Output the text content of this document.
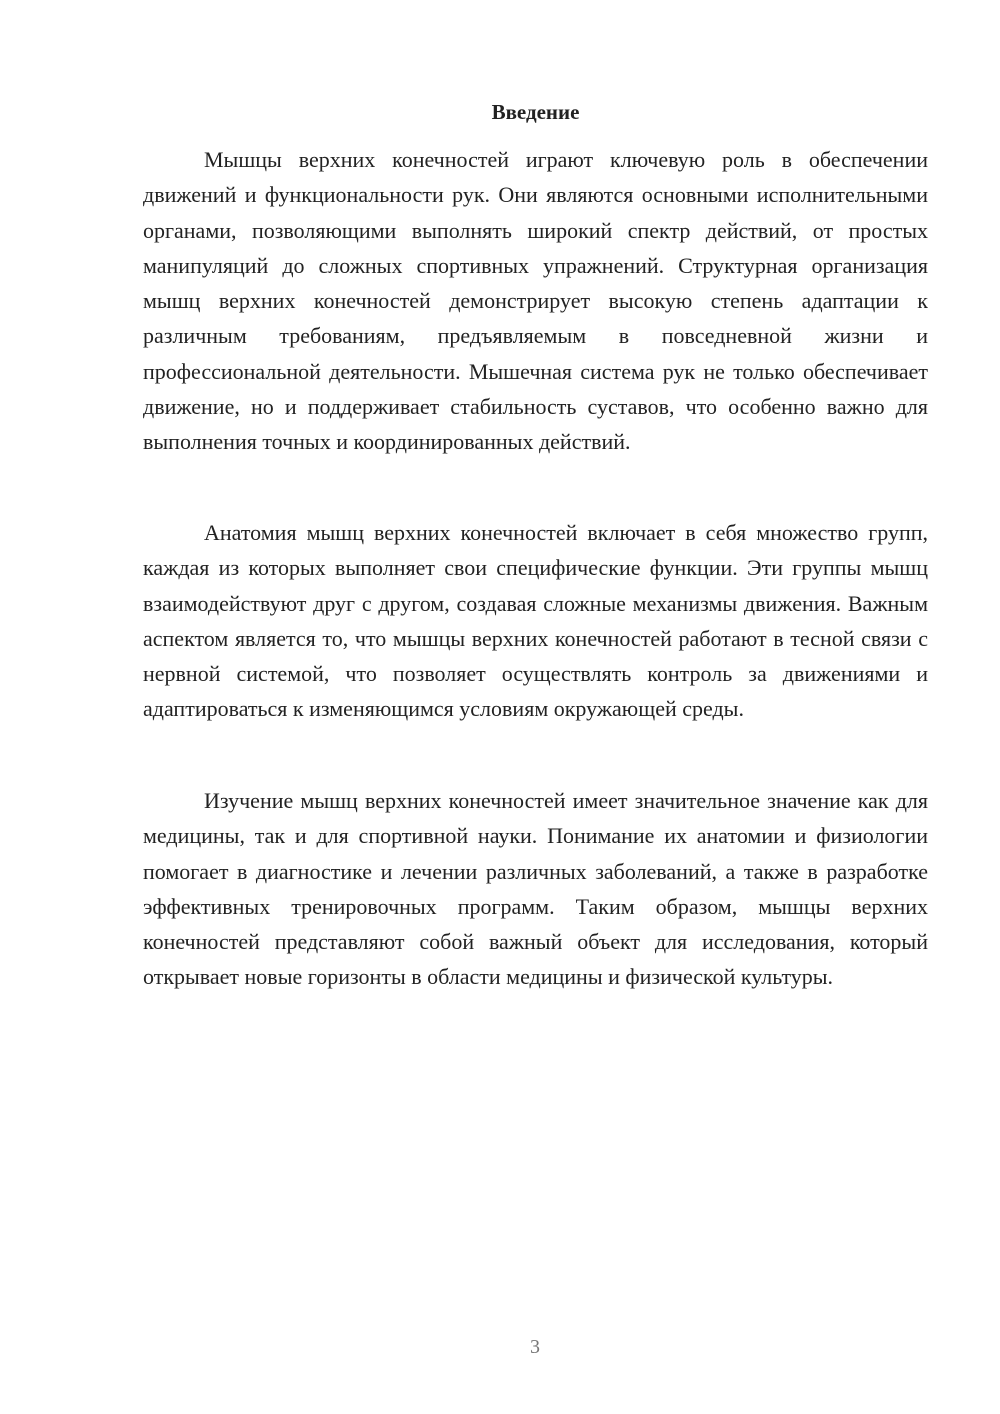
Введение

Мышцы верхних конечностей играют ключевую роль в обеспечении движений и функциональности рук. Они являются основными исполнительными органами, позволяющими выполнять широкий спектр действий, от простых манипуляций до сложных спортивных упражнений. Структурная организация мышц верхних конечностей демонстрирует высокую степень адаптации к различным требованиям, предъявляемым в повседневной жизни и профессиональной деятельности. Мышечная система рук не только обеспечивает движение, но и поддерживает стабильность суставов, что особенно важно для выполнения точных и координированных действий.

Анатомия мышц верхних конечностей включает в себя множество групп, каждая из которых выполняет свои специфические функции. Эти группы мышц взаимодействуют друг с другом, создавая сложные механизмы движения. Важным аспектом является то, что мышцы верхних конечностей работают в тесной связи с нервной системой, что позволяет осуществлять контроль за движениями и адаптироваться к изменяющимся условиям окружающей среды.

Изучение мышц верхних конечностей имеет значительное значение как для медицины, так и для спортивной науки. Понимание их анатомии и физиологии помогает в диагностике и лечении различных заболеваний, а также в разработке эффективных тренировочных программ. Таким образом, мышцы верхних конечностей представляют собой важный объект для исследования, который открывает новые горизонты в области медицины и физической культуры.

3
